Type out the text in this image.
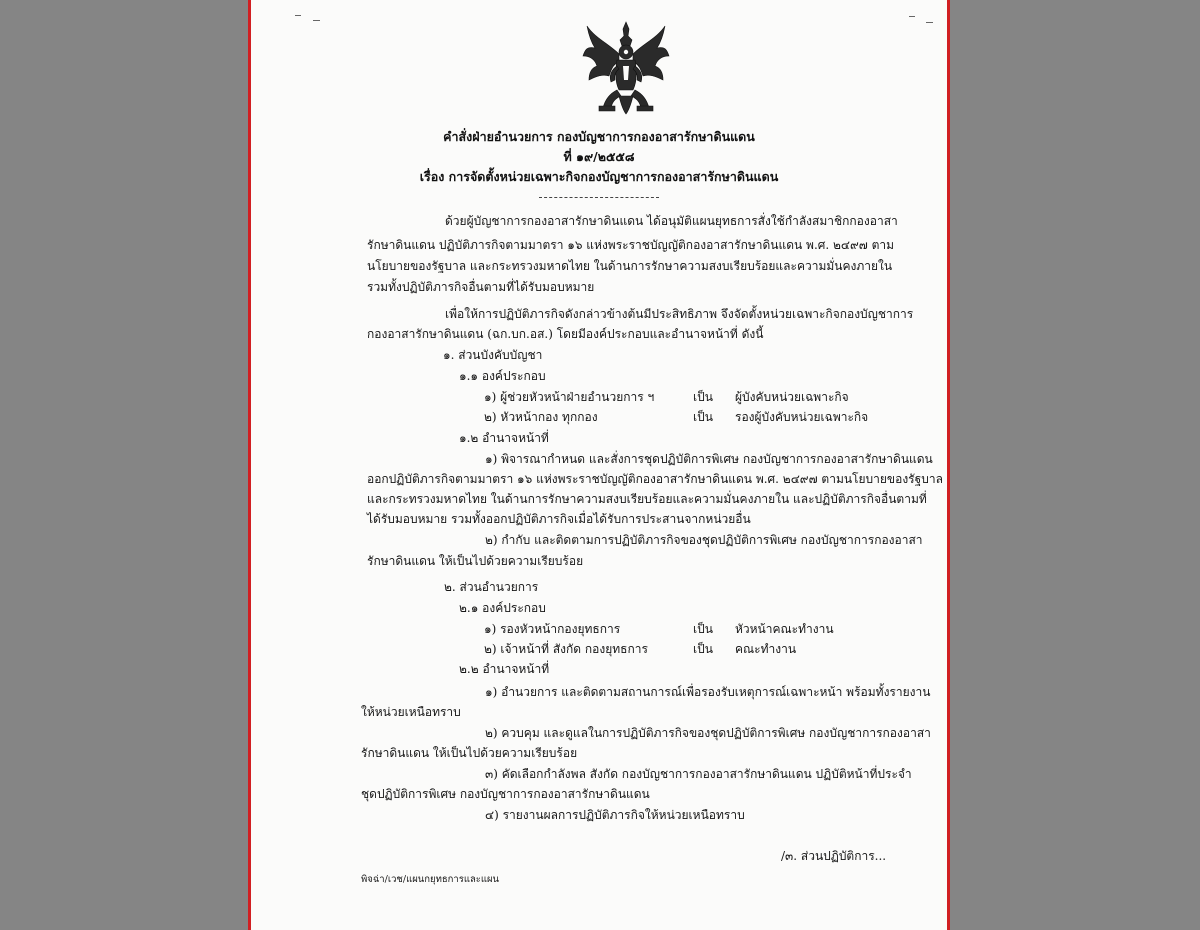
คำสั่งฝ่ายอำนวยการ กองบัญชาการกองอาสารักษาดินแดน
ที่ ๑๙/๒๕๕๘
เรื่อง การจัดตั้งหน่วยเฉพาะกิจกองบัญชาการกองอาสารักษาดินแดน
ด้วยผู้บัญชาการกองอาสารักษาดินแดน ได้อนุมัติแผนยุทธการสั่งใช้กำลังสมาชิกกองอาสา
รักษาดินแดน ปฏิบัติภารกิจตามมาตรา ๑๖ แห่งพระราชบัญญัติกองอาสารักษาดินแดน พ.ศ. ๒๔๙๗ ตาม
นโยบายของรัฐบาล และกระทรวงมหาดไทย ในด้านการรักษาความสงบเรียบร้อยและความมั่นคงภายใน
รวมทั้งปฏิบัติภารกิจอื่นตามที่ได้รับมอบหมาย
เพื่อให้การปฏิบัติภารกิจดังกล่าวข้างต้นมีประสิทธิภาพ จึงจัดตั้งหน่วยเฉพาะกิจกองบัญชาการ
กองอาสารักษาดินแดน (ฉก.บก.อส.) โดยมีองค์ประกอบและอำนาจหน้าที่ ดังนี้
๑. ส่วนบังคับบัญชา
๑.๑ องค์ประกอบ
๑) ผู้ช่วยหัวหน้าฝ่ายอำนวยการ ฯ	เป็น ผู้บังคับหน่วยเฉพาะกิจ
๒) หัวหน้ากอง ทุกกอง	เป็น รองผู้บังคับหน่วยเฉพาะกิจ
๑.๒ อำนาจหน้าที่
๑) พิจารณากำหนด และสั่งการชุดปฏิบัติการพิเศษ กองบัญชาการกองอาสารักษาดินแดน
ออกปฏิบัติภารกิจตามมาตรา ๑๖ แห่งพระราชบัญญัติกองอาสารักษาดินแดน พ.ศ. ๒๔๙๗ ตามนโยบายของรัฐบาล
และกระทรวงมหาดไทย ในด้านการรักษาความสงบเรียบร้อยและความมั่นคงภายใน และปฏิบัติภารกิจอื่นตามที่
ได้รับมอบหมาย รวมทั้งออกปฏิบัติภารกิจเมื่อได้รับการประสานจากหน่วยอื่น
๒) กำกับ และติดตามการปฏิบัติภารกิจของชุดปฏิบัติการพิเศษ กองบัญชาการกองอาสา
รักษาดินแดน ให้เป็นไปด้วยความเรียบร้อย
๒. ส่วนอำนวยการ
๒.๑ องค์ประกอบ
๑) รองหัวหน้ากองยุทธการ	เป็น หัวหน้าคณะทำงาน
๒) เจ้าหน้าที่ สังกัด กองยุทธการ	เป็น คณะทำงาน
๒.๒ อำนาจหน้าที่
๑) อำนวยการ และติดตามสถานการณ์เพื่อรองรับเหตุการณ์เฉพาะหน้า พร้อมทั้งรายงาน
ให้หน่วยเหนือทราบ
๒) ควบคุม และดูแลในการปฏิบัติภารกิจของชุดปฏิบัติการพิเศษ กองบัญชาการกองอาสา
รักษาดินแดน ให้เป็นไปด้วยความเรียบร้อย
๓) คัดเลือกกำลังพล สังกัด กองบัญชาการกองอาสารักษาดินแดน ปฏิบัติหน้าที่ประจำ
ชุดปฏิบัติการพิเศษ กองบัญชาการกองอาสารักษาดินแดน
๔) รายงานผลการปฏิบัติภารกิจให้หน่วยเหนือทราบ
/๓. ส่วนปฏิบัติการ...
พิจฉ่า/เวช/แผนกยุทธการและแผน
